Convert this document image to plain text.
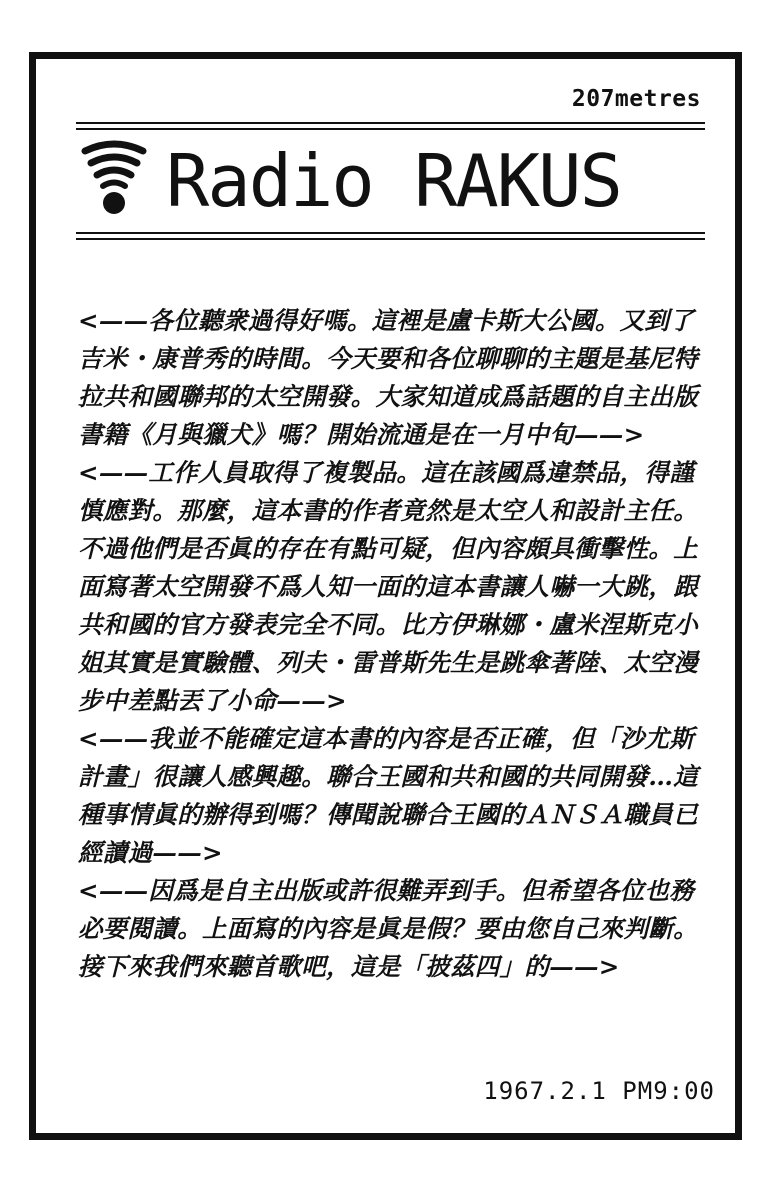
207metres
Radio RAKUS

<——各位聽衆過得好嗎。這裡是盧卡斯大公國。又到了吉米・康普秀的時間。今天要和各位聊聊的主題是基尼特拉共和國聯邦的太空開發。大家知道成爲話題的自主出版書籍《月與獵犬》嗎？開始流通是在一月中旬——>

<——工作人員取得了複製品。這在該國爲違禁品，得謹慎應對。那麼，這本書的作者竟然是太空人和設計主任。不過他們是否眞的存在有點可疑，但內容頗具衝擊性。上面寫著太空開發不爲人知一面的這本書讓人嚇一大跳，跟共和國的官方發表完全不同。比方伊琳娜・盧米涅斯克小姐其實是實驗體、列夫・雷普斯先生是跳傘著陸、太空漫步中差點丟了小命——>

<——我並不能確定這本書的內容是否正確，但「沙尤斯計畫」很讓人感興趣。聯合王國和共和國的共同開發…這種事情眞的辦得到嗎？傳聞說聯合王國的ＡＮＳＡ職員已經讀過——>

<——因爲是自主出版或許很難弄到手。但希望各位也務必要閱讀。上面寫的內容是眞是假？要由您自己來判斷。接下來我們來聽首歌吧，這是「披茲四」的——>

1967.2.1 PM9:00
